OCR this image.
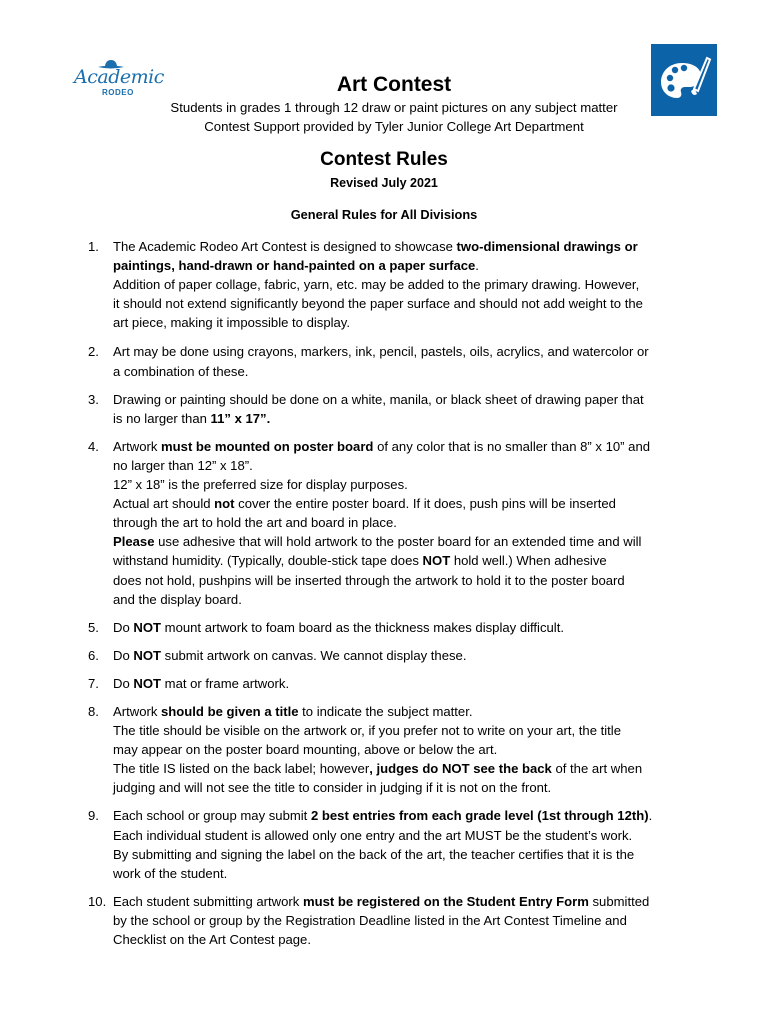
Academic
RODEO	Art Contest

Students in grades 1 through 12 draw or paint pictures on any subject matter

Contest Support provided by Tyler Junior College Art Department

Contest Rules
Revised July 2021
General Rules for All Divisions
1. The Academic Rodeo Art Contest is designed to showcase two-dimensional drawings or
paintings, hand-drawn or hand-painted on a paper surface.
Addition of paper collage, fabric, yarn, etc. may be added to the primary drawing. However,
it should not extend significantly beyond the paper surface and should not add weight to the
art piece, making it impossible to display.
2. Art may be done using crayons, markers, ink, pencil, pastels, oils, acrylics, and watercolor or
a combination of these.
3. Drawing or painting should be done on a white, manila, or black sheet of drawing paper that
is no larger than 11” x 17”.
4. Artwork must be mounted on poster board of any color that is no smaller than 8” x 10” and
no larger than 12” x 18”.
12” x 18” is the preferred size for display purposes.
Actual art should not cover the entire poster board. If it does, push pins will be inserted
through the art to hold the art and board in place.
Please use adhesive that will hold artwork to the poster board for an extended time and will
withstand humidity. (Typically, double-stick tape does NOT hold well.) When adhesive
does not hold, pushpins will be inserted through the artwork to hold it to the poster board
and the display board.
5. Do NOT mount artwork to foam board as the thickness makes display difficult.
6. Do NOT submit artwork on canvas. We cannot display these.
7. Do NOT mat or frame artwork.
8. Artwork should be given a title to indicate the subject matter.
The title should be visible on the artwork or, if you prefer not to write on your art, the title
may appear on the poster board mounting, above or below the art.
The title IS listed on the back label; however, judges do NOT see the back of the art when
judging and will not see the title to consider in judging if it is not on the front.
9. Each school or group may submit 2 best entries from each grade level (1st through 12th).
Each individual student is allowed only one entry and the art MUST be the student’s work.
By submitting and signing the label on the back of the art, the teacher certifies that it is the
work of the student.
10. Each student submitting artwork must be registered on the Student Entry Form submitted
by the school or group by the Registration Deadline listed in the Art Contest Timeline and
Checklist on the Art Contest page.
